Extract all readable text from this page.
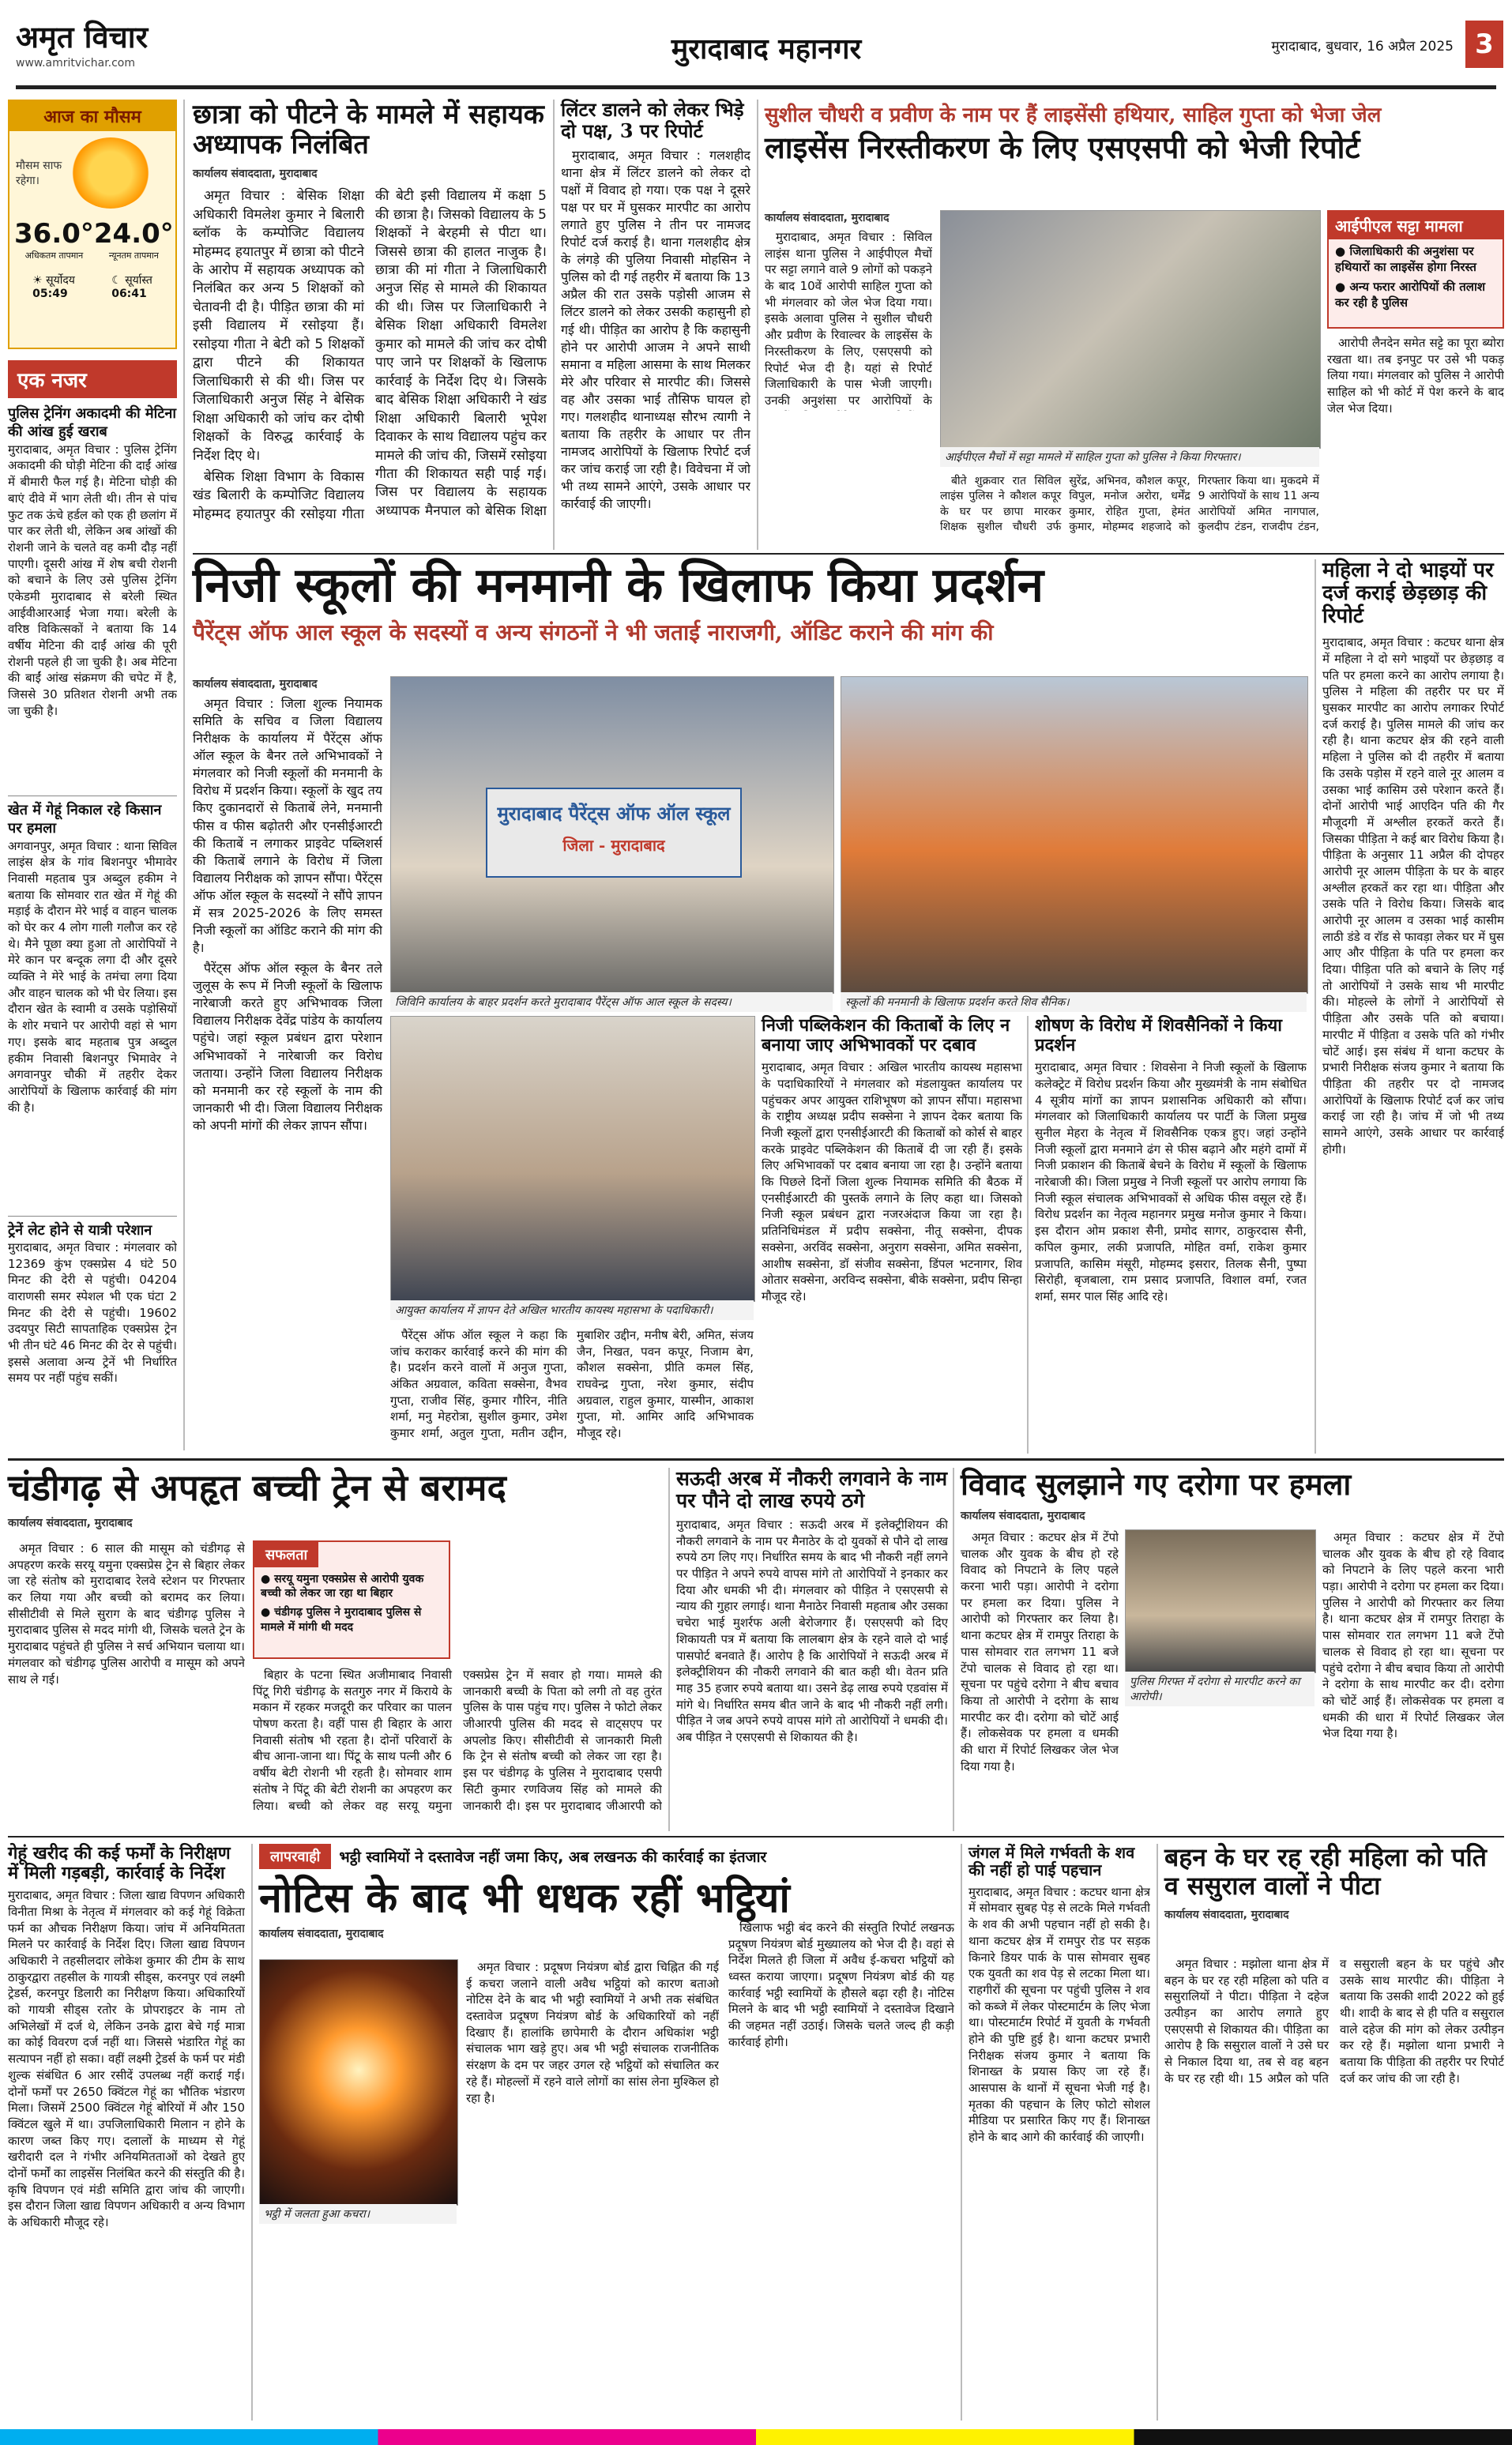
अमृत विचार
www.amritvichar.com	मुरादाबाद महानगर	मुरादाबाद, बुधवार, 16 अप्रैल 2025 3
आज का मौसम
मौसम साफ रहेगा।
36.0°
अधिकतम तापमान
24.0°
न्यूनतम तापमान
☀ सूर्योदय
05:49
☾ सूर्यास्त
06:41
एक नजर
पुलिस ट्रेनिंग अकादमी की मेटिना की आंख हुई खराब
मुरादाबाद, अमृत विचार : पुलिस ट्रेनिंग अकादमी की घोड़ी मेटिना की दाईं आंख में बीमारी फैल गई है। मेटिना घोड़ी की बाएं दीवे में भाग लेती थी। तीन से पांच फुट तक ऊंचे हर्डल को एक ही छलांग में पार कर लेती थी, लेकिन अब आंखों की रोशनी जाने के चलते वह कमी दौड़ नहीं पाएगी। दूसरी आंख में शेष बची रोशनी को बचाने के लिए उसे पुलिस ट्रेनिंग एकेडमी मुरादाबाद से बरेली स्थित आईवीआरआई भेजा गया। बरेली के वरिष्ठ विकित्सकों ने बताया कि 14 वर्षीय मेटिना की दाईं आंख की पूरी रोशनी पहले ही जा चुकी है। अब मेटिना की बाईं आंख संक्रमण की चपेट में है, जिससे 30 प्रतिशत रोशनी अभी तक जा चुकी है।
खेत में गेहूं निकाल रहे किसान पर हमला
अगवानपुर, अमृत विचार : थाना सिविल लाइंस क्षेत्र के गांव बिशनपुर भीमावेर निवासी महताब पुत्र अब्दुल हकीम ने बताया कि सोमवार रात खेत में गेहूं की मड़ाई के दौरान मेरे भाई व वाहन चालक को घेर कर 4 लोग गाली गलौज कर रहे थे। मैने पूछा क्या हुआ तो आरोपियों ने मेरे कान पर बन्दूक लगा दी और दूसरे व्यक्ति ने मेरे भाई के तमंचा लगा दिया और वाहन चालक को भी घेर लिया। इस दौरान खेत के स्वामी व उसके पड़ोसियों के शोर मचाने पर आरोपी वहां से भाग गए। इसके बाद महताब पुत्र अब्दुल हकीम निवासी बिशनपुर भिमावेर ने अगवानपुर चौकी में तहरीर देकर आरोपियों के खिलाफ कार्रवाई की मांग की है।
ट्रेनें लेट होने से यात्री परेशान
मुरादाबाद, अमृत विचार : मंगलवार को 12369 कुंभ एक्सप्रेस 4 घंटे 50 मिनट की देरी से पहुंची। 04204 वाराणसी समर स्पेशल भी एक घंटा 2 मिनट की देरी से पहुंची। 19602 उदयपुर सिटी सापताहिक एक्सप्रेस ट्रेन भी तीन घंटे 46 मिनट की देर से पहुंची। इससे अलावा अन्य ट्रेनें भी निर्धारित समय पर नहीं पहुंच सकीं।
छात्रा को पीटने के मामले में सहायक अध्यापक निलंबित
कार्यालय संवाददाता, मुरादाबाद

अमृत विचार : बेसिक शिक्षा अधिकारी विमलेश कुमार ने बिलारी ब्लॉक के कम्पोजिट विद्यालय मोहम्मद हयातपुर में छात्रा को पीटने के आरोप में सहायक अध्यापक को निलंबित कर अन्य 5 शिक्षकों को चेतावनी दी है। पीड़ित छात्रा की मां इसी विद्यालय में रसोइया हैं। रसोइया गीता ने बेटी को 5 शिक्षकों द्वारा पीटने की शिकायत जिलाधिकारी से की थी। जिस पर जिलाधिकारी अनुज सिंह ने बेसिक शिक्षा अधिकारी को जांच कर दोषी शिक्षकों के विरुद्ध कार्रवाई के निर्देश दिए थे।

बेसिक शिक्षा विभाग के विकास खंड बिलारी के कम्पोजिट विद्यालय मोहम्मद हयातपुर की रसोइया गीता की बेटी इसी विद्यालय में कक्षा 5 की छात्रा है। जिसको विद्यालय के 5 शिक्षकों ने बेरहमी से पीटा था। जिससे छात्रा की हालत नाजुक है। छात्रा की मां गीता ने जिलाधिकारी अनुज सिंह से मामले की शिकायत की थी। जिस पर जिलाधिकारी ने बेसिक शिक्षा अधिकारी विमलेश कुमार को मामले की जांच कर दोषी पाए जाने पर शिक्षकों के खिलाफ कार्रवाई के निर्देश दिए थे। जिसके बाद बेसिक शिक्षा अधिकारी ने खंड शिक्षा अधिकारी बिलारी भूपेश दिवाकर के साथ विद्यालय पहुंच कर मामले की जांच की, जिसमें रसोइया गीता की शिकायत सही पाई गई। जिस पर विद्यालय के सहायक अध्यापक मैनपाल को बेसिक शिक्षा

लिंटर डालने को लेकर भिड़े दो पक्ष, 3 पर रिपोर्ट

मुरादाबाद, अमृत विचार : गलशहीद थाना क्षेत्र में लिंटर डालने को लेकर दो पक्षों में विवाद हो गया। एक पक्ष ने दूसरे पक्ष पर घर में घुसकर मारपीट का आरोप लगाते हुए पुलिस ने तीन पर नामजद रिपोर्ट दर्ज कराई है। थाना गलशहीद क्षेत्र के लंगड़े की पुलिया निवासी मोहसिन ने पुलिस को दी गई तहरीर में बताया कि 13 अप्रैल की रात उसके पड़ोसी आजम से लिंटर डालने को लेकर उसकी कहासुनी हो गई थी। पीड़ित का आरोप है कि कहासुनी होने पर आरोपी आजम ने अपने साथी समाना व महिला आसमा के साथ मिलकर मेरे और परिवार से मारपीट की। जिससे वह और उसका भाई तौसिफ घायल हो गए। गलशहीद थानाध्यक्ष सौरभ त्यागी ने बताया कि तहरीर के आधार पर तीन नामजद आरोपियों के खिलाफ रिपोर्ट दर्ज कर जांच कराई जा रही है। विवेचना में जो भी तथ्य सामने आएंगे, उसके आधार पर कार्रवाई की जाएगी।

सुशील चौधरी व प्रवीण के नाम पर हैं लाइसेंसी हथियार, साहिल गुप्ता को भेजा जेल
लाइसेंस निरस्तीकरण के लिए एसएसपी को भेजी रिपोर्ट
कार्यालय संवाददाता, मुरादाबाद

मुरादाबाद, अमृत विचार : सिविल लाइंस थाना पुलिस ने आईपीएल मैचों पर सट्टा लगाने वाले 9 लोगों को पकड़ने के बाद 10वें आरोपी साहिल गुप्ता को भी मंगलवार को जेल भेज दिया गया। इसके अलावा पुलिस ने सुशील चौधरी और प्रवीण के रिवाल्वर के लाइसेंस के निरस्तीकरण के लिए, एसएसपी को रिपोर्ट भेज दी है। यहां से रिपोर्ट जिलाधिकारी के पास भेजी जाएगी। उनकी अनुशंसा पर आरोपियों के

आईपीएल मैचों में सट्टा मामले में साहिल गुप्ता को पुलिस ने किया गिरफ्तार।
आईपीएल सट्टा मामला
● जिलाधिकारी की अनुशंसा पर हथियारों का लाइसेंस होगा निरस्त
● अन्य फरार आरोपियों की तलाश कर रही है पुलिस

आरोपी लैनदेन समेत सट्टे का पूरा ब्योरा रखता था। तब इनपुट पर उसे भी पकड़ लिया गया। मंगलवार को पुलिस ने आरोपी साहिल को भी कोर्ट में पेश करने के बाद जेल भेज दिया।

बीते शुक्रवार रात सिविल लाइंस पुलिस ने कौशल कपूर के घर पर छापा मारकर शिक्षक सुशील चौधरी उर्फ सुरेंद्र, अभिनव, कौशल कपूर, विपुल, मनोज अरोरा, धर्मेंद्र कुमार, रोहित गुप्ता, हेमंत कुमार, मोहम्मद शहजादे को गिरफ्तार किया था। मुकदमे में 9 आरोपियों के साथ 11 अन्य आरोपियों अमित नागपाल, कुलदीप टंडन, राजदीप टंडन,

निजी स्कूलों की मनमानी के खिलाफ किया प्रदर्शन
पैरेंट्स ऑफ आल स्कूल के सदस्यों व अन्य संगठनों ने भी जताई नाराजगी, ऑडिट कराने की मांग की
कार्यालय संवाददाता, मुरादाबाद

अमृत विचार : जिला शुल्क नियामक समिति के सचिव व जिला विद्यालय निरीक्षक के कार्यालय में पैरेंट्स ऑफ ऑल स्कूल के बैनर तले अभिभावकों ने मंगलवार को निजी स्कूलों की मनमानी के विरोध में प्रदर्शन किया। स्कूलों के खुद तय किए दुकानदारों से किताबें लेने, मनमानी फीस व फीस बढ़ोतरी और एनसीईआरटी की किताबें न लगाकर प्राइवेट पब्लिशर्स की किताबें लगाने के विरोध में जिला विद्यालय निरीक्षक को ज्ञापन सौंपा। पैरेंट्स ऑफ ऑल स्कूल के सदस्यों ने सौंपे ज्ञापन में सत्र 2025-2026 के लिए समस्त निजी स्कूलों का ऑडिट कराने की मांग की है।

पैरेंट्स ऑफ ऑल स्कूल के बैनर तले जुलूस के रूप में निजी स्कूलों के खिलाफ नारेबाजी करते हुए अभिभावक जिला विद्यालय निरीक्षक देवेंद्र पांडेय के कार्यालय पहुंचे। जहां स्कूल प्रबंधन द्वारा परेशान अभिभावकों ने नारेबाजी कर विरोध जताया। उन्होंने जिला विद्यालय निरीक्षक को मनमानी कर रहे स्कूलों के नाम की जानकारी भी दी। जिला विद्यालय निरीक्षक को अपनी मांगों की लेकर ज्ञापन सौंपा।

मुरादाबाद पैरेंट्स ऑफ ऑल स्कूल
जिला - मुरादाबाद
जिविनि कार्यालय के बाहर प्रदर्शन करते मुरादाबाद पैरेंट्स ऑफ आल स्कूल के सदस्य।	स्कूलों की मनमानी के खिलाफ प्रदर्शन करते शिव सैनिक।
आयुक्त कार्यालय में ज्ञापन देते अखिल भारतीय कायस्थ महासभा के पदाधिकारी।

पैरेंट्स ऑफ ऑल स्कूल ने कहा कि जांच कराकर कार्रवाई करने की मांग की है। प्रदर्शन करने वालों में अनुज गुप्ता, अंकित अग्रवाल, कविता सक्सेना, वैभव गुप्ता, राजीव सिंह, कुमार गौरिन, नीति शर्मा, मनु मेहरोत्रा, सुशील कुमार, उमेश कुमार शर्मा, अतुल गुप्ता, मतीन उद्दीन, मुबाशिर उद्दीन, मनीष बेरी, अमित, संजय जैन, निखत, पवन कपूर, निजाम बेग, कौशल सक्सेना, प्रीति कमल सिंह, राघवेन्द्र गुप्ता, नरेश कुमार, संदीप अग्रवाल, राहुल कुमार, यास्मीन, आकाश गुप्ता, मो. आमिर आदि अभिभावक मौजूद रहे।

निजी पब्लिकेशन की किताबों के लिए न बनाया जाए अभिभावकों पर दबाव
मुरादाबाद, अमृत विचार : अखिल भारतीय कायस्थ महासभा के पदाधिकारियों ने मंगलवार को मंडलायुक्त कार्यालय पर पहुंचकर अपर आयुक्त राशिभूषण को ज्ञापन सौंपा। महासभा के राष्ट्रीय अध्यक्ष प्रदीप सक्सेना ने ज्ञापन देकर बताया कि निजी स्कूलों द्वारा एनसीईआरटी की किताबों को कोर्स से बाहर करके प्राइवेट पब्लिकेशन की किताबें दी जा रही हैं। इसके लिए अभिभावकों पर दबाव बनाया जा रहा है। उन्होंने बताया कि पिछले दिनों जिला शुल्क नियामक समिति की बैठक में एनसीईआरटी की पुस्तकें लगाने के लिए कहा था। जिसको निजी स्कूल प्रबंधन द्वारा नजरअंदाज किया जा रहा है। प्रतिनिधिमंडल में प्रदीप सक्सेना, नीतू सक्सेना, दीपक सक्सेना, अरविंद सक्सेना, अनुराग सक्सेना, अमित सक्सेना, आशीष सक्सेना, डॉ संजीव सक्सेना, डिंपल भटनागर, शिव ओतार सक्सेना, अरविन्द सक्सेना, बीके सक्सेना, प्रदीप सिन्हा मौजूद रहे।
शोषण के विरोध में शिवसैनिकों ने किया प्रदर्शन
मुरादाबाद, अमृत विचार : शिवसेना ने निजी स्कूलों के खिलाफ कलेक्ट्रेट में विरोध प्रदर्शन किया और मुख्यमंत्री के नाम संबोधित 4 सूत्रीय मांगों का ज्ञापन प्रशासनिक अधिकारी को सौंपा। मंगलवार को जिलाधिकारी कार्यालय पर पार्टी के जिला प्रमुख सुनील मेहरा के नेतृत्व में शिवसैनिक एकत्र हुए। जहां उन्होंने निजी स्कूलों द्वारा मनमाने ढंग से फीस बढ़ाने और महंगे दामों में निजी प्रकाशन की किताबें बेचने के विरोध में स्कूलों के खिलाफ नारेबाजी की। जिला प्रमुख ने निजी स्कूलों पर आरोप लगाया कि निजी स्कूल संचालक अभिभावकों से अधिक फीस वसूल रहे हैं। विरोध प्रदर्शन का नेतृत्व महानगर प्रमुख मनोज कुमार ने किया। इस दौरान ओम प्रकाश सैनी, प्रमोद सागर, ठाकुरदास सैनी, कपिल कुमार, लकी प्रजापति, मोहित वर्मा, राकेश कुमार प्रजापति, कासिम मंसूरी, मोहम्मद इसरार, तिलक सैनी, पुष्पा सिरोही, बृजबाला, राम प्रसाद प्रजापति, विशाल वर्मा, रजत शर्मा, समर पाल सिंह आदि रहे।
महिला ने दो भाइयों पर दर्ज कराई छेड़छाड़ की रिपोर्ट
मुरादाबाद, अमृत विचार : कटघर थाना क्षेत्र में महिला ने दो सगे भाइयों पर छेड़छाड़ व पति पर हमला करने का आरोप लगाया है। पुलिस ने महिला की तहरीर पर घर में घुसकर मारपीट का आरोप लगाकर रिपोर्ट दर्ज कराई है। पुलिस मामले की जांच कर रही है। थाना कटघर क्षेत्र की रहने वाली महिला ने पुलिस को दी तहरीर में बताया कि उसके पड़ोस में रहने वाले नूर आलम व उसका भाई कासिम उसे परेशान करते हैं। दोनों आरोपी भाई आएदिन पति की गैर मौजूदगी में अश्लील हरकतें करते हैं। जिसका पीड़िता ने कई बार विरोध किया है। पीड़िता के अनुसार 11 अप्रैल की दोपहर आरोपी नूर आलम पीड़िता के घर के बाहर अश्लील हरकतें कर रहा था। पीड़िता और उसके पति ने विरोध किया। जिसके बाद आरोपी नूर आलम व उसका भाई कासीम लाठी डंडे व रॉड से फावड़ा लेकर घर में घुस आए और पीड़िता के पति पर हमला कर दिया। पीड़िता पति को बचाने के लिए गई तो आरोपियों ने उसके साथ भी मारपीट की। मोहल्ले के लोगों ने आरोपियों से पीड़िता और उसके पति को बचाया। मारपीट में पीड़िता व उसके पति को गंभीर चोटें आई। इस संबंध में थाना कटघर के प्रभारी निरीक्षक संजय कुमार ने बताया कि पीड़िता की तहरीर पर दो नामजद आरोपियों के खिलाफ रिपोर्ट दर्ज कर जांच कराई जा रही है। जांच में जो भी तथ्य सामने आएंगे, उसके आधार पर कार्रवाई होगी।
चंडीगढ़ से अपहृत बच्ची ट्रेन से बरामद
कार्यालय संवाददाता, मुरादाबाद

अमृत विचार : 6 साल की मासूम को चंडीगढ़ से अपहरण करके सरयू यमुना एक्सप्रेस ट्रेन से बिहार लेकर जा रहे संतोष को मुरादाबाद रेलवे स्टेशन पर गिरफ्तार कर लिया गया और बच्ची को बरामद कर लिया। सीसीटीवी से मिले सुराग के बाद चंडीगढ़ पुलिस ने मुरादाबाद पुलिस से मदद मांगी थी, जिसके चलते ट्रेन के मुरादाबाद पहुंचते ही पुलिस ने सर्च अभियान चलाया था। मंगलवार को चंडीगढ़ पुलिस आरोपी व मासूम को अपने साथ ले गई।

सफलता
● सरयू यमुना एक्सप्रेस से आरोपी युवक बच्ची को लेकर जा रहा था बिहार
● चंडीगढ़ पुलिस ने मुरादाबाद पुलिस से मामले में मांगी थी मदद

बिहार के पटना स्थित अजीमाबाद निवासी पिंटू गिरी चंडीगढ़ के सतगुरु नगर में किराये के मकान में रहकर मजदूरी कर परिवार का पालन पोषण करता है। वहीं पास ही बिहार के आरा निवासी संतोष भी रहता है। दोनों परिवारों के बीच आना-जाना था। पिंटू के साथ पत्नी और 6 वर्षीय बेटी रोशनी भी रहती है। सोमवार शाम संतोष ने पिंटू की बेटी रोशनी का अपहरण कर लिया। बच्ची को लेकर वह सरयू यमुना एक्सप्रेस ट्रेन में सवार हो गया। मामले की जानकारी बच्ची के पिता को लगी तो वह तुरंत पुलिस के पास पहुंच गए। पुलिस ने फोटो लेकर जीआरपी पुलिस की मदद से वाट्सएप पर अपलोड किए। सीसीटीवी से जानकारी मिली कि ट्रेन से संतोष बच्ची को लेकर जा रहा है। इस पर चंडीगढ़ के पुलिस ने मुरादाबाद एसपी सिटी कुमार रणविजय सिंह को मामले की जानकारी दी। इस पर मुरादाबाद जीआरपी को

सऊदी अरब में नौकरी लगवाने के नाम पर पौने दो लाख रुपये ठगे
मुरादाबाद, अमृत विचार : सऊदी अरब में इलेक्ट्रीशियन की नौकरी लगवाने के नाम पर मैनाठेर के दो युवकों से पौने दो लाख रुपये ठग लिए गए। निर्धारित समय के बाद भी नौकरी नहीं लगने पर पीड़ित ने अपने रुपये वापस मांगे तो आरोपियों ने इनकार कर दिया और धमकी भी दी। मंगलवार को पीड़ित ने एसएसपी से न्याय की गुहार लगाई। थाना मैनाठेर निवासी महताब और उसका चचेरा भाई मुशर्रफ अली बेरोजगार हैं। एसएसपी को दिए शिकायती पत्र में बताया कि लालबाग क्षेत्र के रहने वाले दो भाई पासपोर्ट बनवाते हैं। आरोप है कि आरोपियों ने सऊदी अरब में इलेक्ट्रीशियन की नौकरी लगवाने की बात कही थी। वेतन प्रति माह 35 हजार रुपये बताया था। उसने डेढ़ लाख रुपये एडवांस में मांगे थे। निर्धारित समय बीत जाने के बाद भी नौकरी नहीं लगी। पीड़ित ने जब अपने रुपये वापस मांगे तो आरोपियों ने धमकी दी। अब पीड़ित ने एसएसपी से शिकायत की है।
विवाद सुलझाने गए दरोगा पर हमला
कार्यालय संवाददाता, मुरादाबाद
पुलिस गिरफ्त में दरोगा से मारपीट करने का आरोपी।

अमृत विचार : कटघर क्षेत्र में टेंपो चालक और युवक के बीच हो रहे विवाद को निपटाने के लिए पहले करना भारी पड़ा। आरोपी ने दरोगा पर हमला कर दिया। पुलिस ने आरोपी को गिरफ्तार कर लिया है। थाना कटघर क्षेत्र में रामपुर तिराहा के पास सोमवार रात लगभग 11 बजे टेंपो चालक से विवाद हो रहा था। सूचना पर पहुंचे दरोगा ने बीच बचाव किया तो आरोपी ने दरोगा के साथ मारपीट कर दी। दरोगा को चोटें आई हैं। लोकसेवक पर हमला व धमकी की धारा में रिपोर्ट लिखकर जेल भेज दिया गया है।

अमृत विचार : कटघर क्षेत्र में टेंपो चालक और युवक के बीच हो रहे विवाद को निपटाने के लिए पहले करना भारी पड़ा। आरोपी ने दरोगा पर हमला कर दिया। पुलिस ने आरोपी को गिरफ्तार कर लिया है। थाना कटघर क्षेत्र में रामपुर तिराहा के पास सोमवार रात लगभग 11 बजे टेंपो चालक से विवाद हो रहा था। सूचना पर पहुंचे दरोगा ने बीच बचाव किया तो आरोपी ने दरोगा के साथ मारपीट कर दी। दरोगा को चोटें आई हैं। लोकसेवक पर हमला व धमकी की धारा में रिपोर्ट लिखकर जेल भेज दिया गया है।

गेहूं खरीद की कई फर्मों के निरीक्षण में मिली गड़बड़ी, कार्रवाई के निर्देश
मुरादाबाद, अमृत विचार : जिला खाद्य विपणन अधिकारी विनीता मिश्रा के नेतृत्व में मंगलवार को कई गेहूं विक्रेता फर्म का औचक निरीक्षण किया। जांच में अनियमितता मिलने पर कार्रवाई के निर्देश दिए। जिला खाद्य विपणन अधिकारी ने तहसीलदार लोकेश कुमार की टीम के साथ ठाकुरद्वारा तहसील के गायत्री सीड्स, करनपुर एवं लक्ष्मी ट्रेडर्स, करनपुर डिलारी का निरीक्षण किया। अधिकारियों को गायत्री सीड्स रतोर के प्रोपराइटर के नाम तो अभिलेखों में दर्ज थे, लेकिन उनके द्वारा बेचे गई मात्रा का कोई विवरण दर्ज नहीं था। जिससे भंडारित गेहूं का सत्यापन नहीं हो सका। वहीं लक्ष्मी ट्रेडर्स के फर्म पर मंडी शुल्क संबंधित 6 आर रसीदें उपलब्ध नहीं कराई गई। दोनों फर्मों पर 2650 क्विंटल गेहूं का भौतिक भंडारण मिला। जिसमें 2500 क्विंटल गेहूं बोरियों में और 150 क्विंटल खुले में था। उपजिलाधिकारी मिलान न होने के कारण जब्त किए गए। दलालों के माध्यम से गेहूं खरीदारी दल ने गंभीर अनियमितताओं को देखते हुए दोनों फर्मों का लाइसेंस निलंबित करने की संस्तुति की है। कृषि विपणन एवं मंडी समिति द्वारा जांच की जाएगी। इस दौरान जिला खाद्य विपणन अधिकारी व अन्य विभाग के अधिकारी मौजूद रहे।
लापरवाही	भट्ठी स्वामियों ने दस्तावेज नहीं जमा किए, अब लखनऊ की कार्रवाई का इंतजार
नोटिस के बाद भी धधक रहीं भट्ठियां
कार्यालय संवाददाता, मुरादाबाद
भट्ठी में जलता हुआ कचरा।

अमृत विचार : प्रदूषण नियंत्रण बोर्ड द्वारा चिह्नित की गई ई कचरा जलाने वाली अवैध भट्ठियां को कारण बताओ नोटिस देने के बाद भी भट्ठी स्वामियों ने अभी तक संबंधित दस्तावेज प्रदूषण नियंत्रण बोर्ड के अधिकारियों को नहीं दिखाए हैं। हालांकि छापेमारी के दौरान अधिकांश भट्ठी संचालक भाग खड़े हुए। अब भी भट्ठी संचालक राजनीतिक संरक्षण के दम पर जहर उगल रहे भट्ठियों को संचालित कर रहे हैं। मोहल्लों में रहने वाले लोगों का सांस लेना मुश्किल हो रहा है।

खिलाफ भट्ठी बंद करने की संस्तुति रिपोर्ट लखनऊ प्रदूषण नियंत्रण बोर्ड मुख्यालय को भेज दी है। वहां से निर्देश मिलते ही जिला में अवैध ई-कचरा भट्ठियों को ध्वस्त कराया जाएगा। प्रदूषण नियंत्रण बोर्ड की यह कार्रवाई भट्ठी स्वामियों के हौसले बढ़ा रही है। नोटिस मिलने के बाद भी भट्ठी स्वामियों ने दस्तावेज दिखाने की जहमत नहीं उठाई। जिसके चलते जल्द ही कड़ी कार्रवाई होगी।

जंगल में मिले गर्भवती के शव की नहीं हो पाई पहचान
मुरादाबाद, अमृत विचार : कटघर थाना क्षेत्र में सोमवार सुबह पेड़ से लटके मिले गर्भवती के शव की अभी पहचान नहीं हो सकी है। थाना कटघर क्षेत्र में रामपुर रोड पर सड़क किनारे डियर पार्क के पास सोमवार सुबह एक युवती का शव पेड़ से लटका मिला था। राहगीरों की सूचना पर पहुंची पुलिस ने शव को कब्जे में लेकर पोस्टमार्टम के लिए भेजा था। पोस्टमार्टम रिपोर्ट में युवती के गर्भवती होने की पुष्टि हुई है। थाना कटघर प्रभारी निरीक्षक संजय कुमार ने बताया कि शिनाख्त के प्रयास किए जा रहे हैं। आसपास के थानों में सूचना भेजी गई है। मृतका की पहचान के लिए फोटो सोशल मीडिया पर प्रसारित किए गए हैं। शिनाख्त होने के बाद आगे की कार्रवाई की जाएगी।
बहन के घर रह रही महिला को पति व ससुराल वालों ने पीटा
कार्यालय संवाददाता, मुरादाबाद

अमृत विचार : मझोला थाना क्षेत्र में बहन के घर रह रही महिला को पति व ससुरालियों ने पीटा। पीड़िता ने दहेज उत्पीड़न का आरोप लगाते हुए एसएसपी से शिकायत की। पीड़िता का आरोप है कि ससुराल वालों ने उसे घर से निकाल दिया था, तब से वह बहन के घर रह रही थी। 15 अप्रैल को पति व ससुराली बहन के घर पहुंचे और उसके साथ मारपीट की। पीड़िता ने बताया कि उसकी शादी 2022 को हुई थी। शादी के बाद से ही पति व ससुराल वाले दहेज की मांग को लेकर उत्पीड़न कर रहे हैं। मझोला थाना प्रभारी ने बताया कि पीड़िता की तहरीर पर रिपोर्ट दर्ज कर जांच की जा रही है।
